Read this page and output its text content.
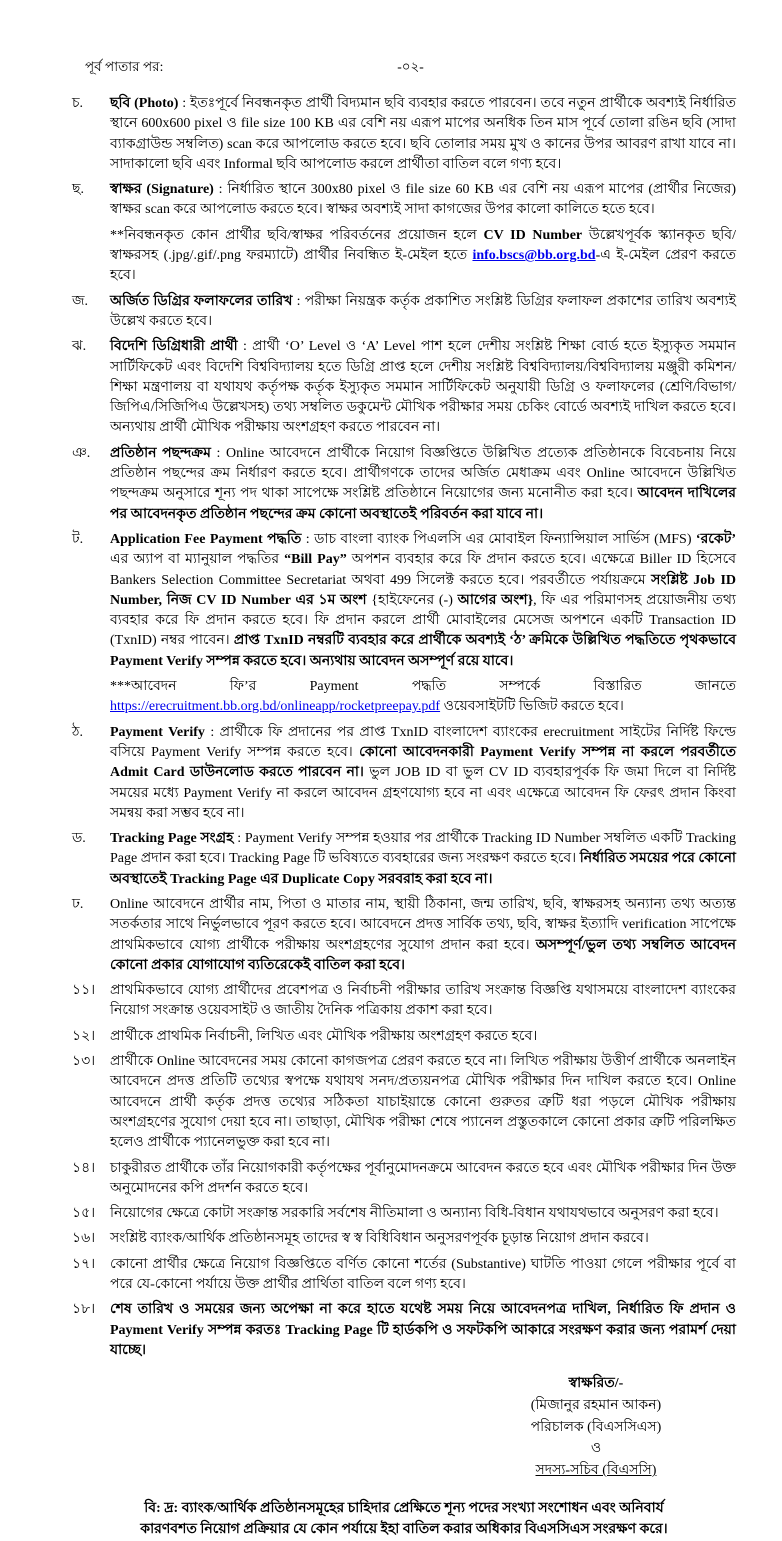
পূর্ব পাতার পর:	-০২-
চ.	ছবি (Photo) : ইতঃপূর্বে নিবন্ধনকৃত প্রার্থী বিদ্যমান ছবি ব্যবহার করতে পারবেন। তবে নতুন প্রার্থীকে অবশ্যই নির্ধারিত স্থানে 600x600 pixel ও file size 100 KB এর বেশি নয় এরূপ মাপের অনধিক তিন মাস পূর্বে তোলা রঙিন ছবি (সাদা ব্যাকগ্রাউন্ড সম্বলিত) scan করে আপলোড করতে হবে। ছবি তোলার সময় মুখ ও কানের উপর আবরণ রাখা যাবে না। সাদাকালো ছবি এবং Informal ছবি আপলোড করলে প্রার্থীতা বাতিল বলে গণ্য হবে।
ছ.	স্বাক্ষর (Signature) : নির্ধারিত স্থানে 300x80 pixel ও file size 60 KB এর বেশি নয় এরূপ মাপের (প্রার্থীর নিজের) স্বাক্ষর scan করে আপলোড করতে হবে। স্বাক্ষর অবশ্যই সাদা কাগজের উপর কালো কালিতে হতে হবে।
**নিবন্ধনকৃত কোন প্রার্থীর ছবি/স্বাক্ষর পরিবর্তনের প্রয়োজন হলে CV ID Number উল্লেখপূর্বক স্ক্যানকৃত ছবি/স্বাক্ষরসহ (.jpg/.gif/.png ফরম্যাটে) প্রার্থীর নিবন্ধিত ই-মেইল হতে info.bscs@bb.org.bd-এ ই-মেইল প্রেরণ করতে হবে।
জ.	অর্জিত ডিগ্রির ফলাফলের তারিখ : পরীক্ষা নিয়ন্ত্রক কর্তৃক প্রকাশিত সংশ্লিষ্ট ডিগ্রির ফলাফল প্রকাশের তারিখ অবশ্যই উল্লেখ করতে হবে।
ঝ.	বিদেশি ডিগ্রিধারী প্রার্থী : প্রার্থী ‘O’ Level ও ‘A’ Level পাশ হলে দেশীয় সংশ্লিষ্ট শিক্ষা বোর্ড হতে ইস্যুকৃত সমমান সার্টিফিকেট এবং বিদেশি বিশ্ববিদ্যালয় হতে ডিগ্রি প্রাপ্ত হলে দেশীয় সংশ্লিষ্ট বিশ্ববিদ্যালয়/বিশ্ববিদ্যালয় মঞ্জুরী কমিশন/শিক্ষা মন্ত্রণালয় বা যথাযথ কর্তৃপক্ষ কর্তৃক ইস্যুকৃত সমমান সার্টিফিকেট অনুযায়ী ডিগ্রি ও ফলাফলের (শ্রেণি/বিভাগ/জিপিএ/সিজিপিএ উল্লেখসহ) তথ্য সম্বলিত ডকুমেন্ট মৌখিক পরীক্ষার সময় চেকিং বোর্ডে অবশ্যই দাখিল করতে হবে। অন্যথায় প্রার্থী মৌখিক পরীক্ষায় অংশগ্রহণ করতে পারবেন না।
ঞ.	প্রতিষ্ঠান পছন্দক্রম : Online আবেদনে প্রার্থীকে নিয়োগ বিজ্ঞপ্তিতে উল্লিখিত প্রত্যেক প্রতিষ্ঠানকে বিবেচনায় নিয়ে প্রতিষ্ঠান পছন্দের ক্রম নির্ধারণ করতে হবে। প্রার্থীগণকে তাদের অর্জিত মেধাক্রম এবং Online আবেদনে উল্লিখিত পছন্দক্রম অনুসারে শূন্য পদ থাকা সাপেক্ষে সংশ্লিষ্ট প্রতিষ্ঠানে নিয়োগের জন্য মনোনীত করা হবে। আবেদন দাখিলের পর আবেদনকৃত প্রতিষ্ঠান পছন্দের ক্রম কোনো অবস্থাতেই পরিবর্তন করা যাবে না।
ট.	Application Fee Payment পদ্ধতি : ডাচ বাংলা ব্যাংক পিএলসি এর মোবাইল ফিন্যান্সিয়াল সার্ভিস (MFS) ‘রকেট’ এর অ্যাপ বা ম্যানুয়াল পদ্ধতির “Bill Pay” অপশন ব্যবহার করে ফি প্রদান করতে হবে। এক্ষেত্রে Biller ID হিসেবে Bankers Selection Committee Secretariat অথবা 499 সিলেক্ট করতে হবে। পরবর্তীতে পর্যায়ক্রমে সংশ্লিষ্ট Job ID Number, নিজ CV ID Number এর ১ম অংশ {হাইফেনের (-) আগের অংশ}, ফি এর পরিমাণসহ প্রয়োজনীয় তথ্য ব্যবহার করে ফি প্রদান করতে হবে। ফি প্রদান করলে প্রার্থী মোবাইলের মেসেজ অপশনে একটি Transaction ID (TxnID) নম্বর পাবেন। প্রাপ্ত TxnID নম্বরটি ব্যবহার করে প্রার্থীকে অবশ্যই ‘ঠ’ ক্রমিকে উল্লিখিত পদ্ধতিতে পৃথকভাবে Payment Verify সম্পন্ন করতে হবে। অন্যথায় আবেদন অসম্পূর্ণ রয়ে যাবে।
***আবেদন ফি’র Payment পদ্ধতি সম্পর্কে বিস্তারিত জানতে https://erecruitment.bb.org.bd/onlineapp/rocketpreepay.pdf ওয়েবসাইটটি ভিজিট করতে হবে।
ঠ.	Payment Verify : প্রার্থীকে ফি প্রদানের পর প্রাপ্ত TxnID বাংলাদেশ ব্যাংকের erecruitment সাইটের নির্দিষ্ট ফিল্ডে বসিয়ে Payment Verify সম্পন্ন করতে হবে। কোনো আবেদনকারী Payment Verify সম্পন্ন না করলে পরবর্তীতে Admit Card ডাউনলোড করতে পারবেন না। ভুল JOB ID বা ভুল CV ID ব্যবহারপূর্বক ফি জমা দিলে বা নির্দিষ্ট সময়ের মধ্যে Payment Verify না করলে আবেদন গ্রহণযোগ্য হবে না এবং এক্ষেত্রে আবেদন ফি ফেরৎ প্রদান কিংবা সমন্বয় করা সম্ভব হবে না।
ড.	Tracking Page সংগ্রহ : Payment Verify সম্পন্ন হওয়ার পর প্রার্থীকে Tracking ID Number সম্বলিত একটি Tracking Page প্রদান করা হবে। Tracking Page টি ভবিষ্যতে ব্যবহারের জন্য সংরক্ষণ করতে হবে। নির্ধারিত সময়ের পরে কোনো অবস্থাতেই Tracking Page এর Duplicate Copy সরবরাহ করা হবে না।
ঢ.	Online আবেদনে প্রার্থীর নাম, পিতা ও মাতার নাম, স্থায়ী ঠিকানা, জন্ম তারিখ, ছবি, স্বাক্ষরসহ অন্যান্য তথ্য অত্যন্ত সতর্কতার সাথে নির্ভুলভাবে পূরণ করতে হবে। আবেদনে প্রদত্ত সার্বিক তথ্য, ছবি, স্বাক্ষর ইত্যাদি verification সাপেক্ষে প্রাথমিকভাবে যোগ্য প্রার্থীকে পরীক্ষায় অংশগ্রহণের সুযোগ প্রদান করা হবে। অসম্পূর্ণ/ভুল তথ্য সম্বলিত আবেদন কোনো প্রকার যোগাযোগ ব্যতিরেকেই বাতিল করা হবে।
১১।	প্রাথমিকভাবে যোগ্য প্রার্থীদের প্রবেশপত্র ও নির্বাচনী পরীক্ষার তারিখ সংক্রান্ত বিজ্ঞপ্তি যথাসময়ে বাংলাদেশ ব্যাংকের নিয়োগ সংক্রান্ত ওয়েবসাইট ও জাতীয় দৈনিক পত্রিকায় প্রকাশ করা হবে।
১২।	প্রার্থীকে প্রাথমিক নির্বাচনী, লিখিত এবং মৌখিক পরীক্ষায় অংশগ্রহণ করতে হবে।
১৩।	প্রার্থীকে Online আবেদনের সময় কোনো কাগজপত্র প্রেরণ করতে হবে না। লিখিত পরীক্ষায় উত্তীর্ণ প্রার্থীকে অনলাইন আবেদনে প্রদত্ত প্রতিটি তথ্যের স্বপক্ষে যথাযথ সনদ/প্রত্যয়নপত্র মৌখিক পরীক্ষার দিন দাখিল করতে হবে। Online আবেদনে প্রার্থী কর্তৃক প্রদত্ত তথ্যের সঠিকতা যাচাইয়ান্তে কোনো গুরুতর ত্রুটি ধরা পড়লে মৌখিক পরীক্ষায় অংশগ্রহণের সুযোগ দেয়া হবে না। তাছাড়া, মৌখিক পরীক্ষা শেষে প্যানেল প্রস্তুতকালে কোনো প্রকার ত্রুটি পরিলক্ষিত হলেও প্রার্থীকে প্যানেলভুক্ত করা হবে না।
১৪।	চাকুরীরত প্রার্থীকে তাঁর নিয়োগকারী কর্তৃপক্ষের পূর্বানুমোদনক্রমে আবেদন করতে হবে এবং মৌখিক পরীক্ষার দিন উক্ত অনুমোদনের কপি প্রদর্শন করতে হবে।
১৫।	নিয়োগের ক্ষেত্রে কোটা সংক্রান্ত সরকারি সর্বশেষ নীতিমালা ও অন্যান্য বিধি-বিধান যথাযথভাবে অনুসরণ করা হবে।
১৬।	সংশ্লিষ্ট ব্যাংক/আর্থিক প্রতিষ্ঠানসমূহ তাদের স্ব স্ব বিধিবিধান অনুসরণপূর্বক চূড়ান্ত নিয়োগ প্রদান করবে।
১৭।	কোনো প্রার্থীর ক্ষেত্রে নিয়োগ বিজ্ঞপ্তিতে বর্ণিত কোনো শর্তের (Substantive) ঘাটতি পাওয়া গেলে পরীক্ষার পূর্বে বা পরে যে-কোনো পর্যায়ে উক্ত প্রার্থীর প্রার্থিতা বাতিল বলে গণ্য হবে।
১৮।	শেষ তারিখ ও সময়ের জন্য অপেক্ষা না করে হাতে যথেষ্ট সময় নিয়ে আবেদনপত্র দাখিল, নির্ধারিত ফি প্রদান ও Payment Verify সম্পন্ন করতঃ Tracking Page টি হার্ডকপি ও সফটকপি আকারে সংরক্ষণ করার জন্য পরামর্শ দেয়া যাচ্ছে।
স্বাক্ষরিত/-
(মিজানুর রহমান আকন)
পরিচালক (বিএসসিএস)
ও
সদস্য-সচিব (বিএসসি)
বি: দ্র: ব্যাংক/আর্থিক প্রতিষ্ঠানসমূহের চাহিদার প্রেক্ষিতে শূন্য পদের সংখ্যা সংশোধন এবং অনিবার্য
কারণবশত নিয়োগ প্রক্রিয়ার যে কোন পর্যায়ে ইহা বাতিল করার অধিকার বিএসসিএস সংরক্ষণ করে।
